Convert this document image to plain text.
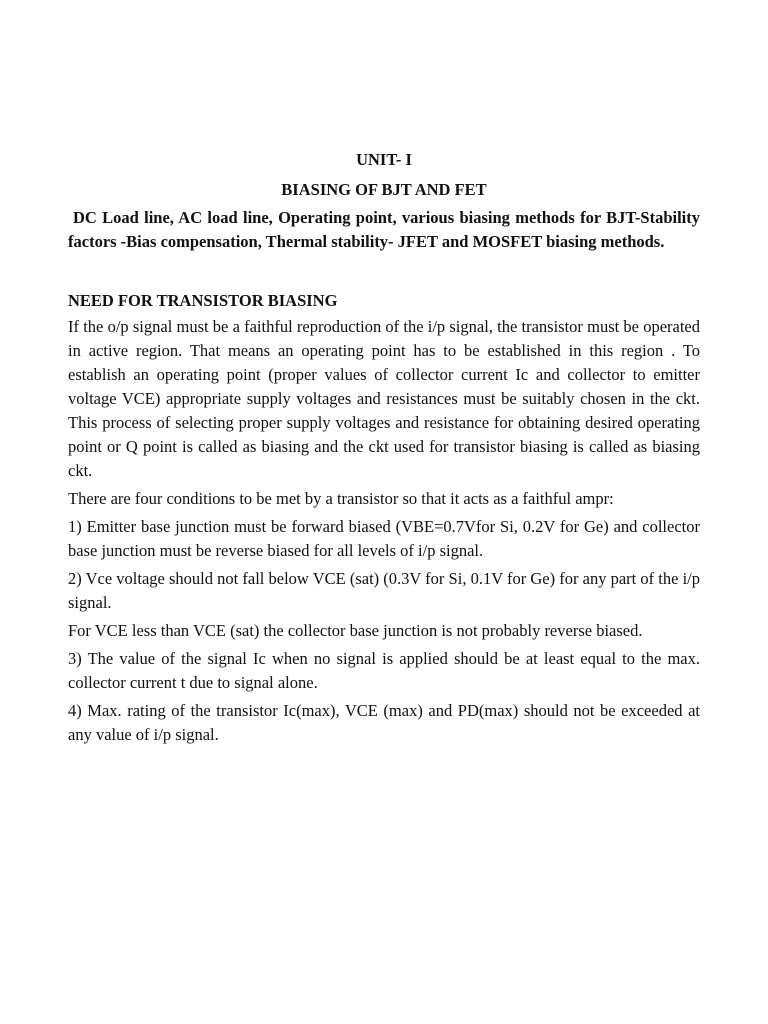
UNIT- I
BIASING OF BJT AND FET

DC Load line, AC load line, Operating point, various biasing methods for BJT-Stability factors -Bias compensation, Thermal stability- JFET and MOSFET biasing methods.

NEED FOR TRANSISTOR BIASING

If the o/p signal must be a faithful reproduction of the i/p signal, the transistor must be operated in active region. That means an operating point has to be established in this region . To establish an operating point (proper values of collector current Ic and collector to emitter voltage VCE) appropriate supply voltages and resistances must be suitably chosen in the ckt. This process of selecting proper supply voltages and resistance for obtaining desired operating point or Q point is called as biasing and the ckt used for transistor biasing is called as biasing ckt.

There are four conditions to be met by a transistor so that it acts as a faithful ampr:

1) Emitter base junction must be forward biased (VBE=0.7Vfor Si, 0.2V for Ge) and collector base junction must be reverse biased for all levels of i/p signal.

2) Vce voltage should not fall below VCE (sat) (0.3V for Si, 0.1V for Ge) for any part of the i/p signal.

For VCE less than VCE (sat) the collector base junction is not probably reverse biased.

3) The value of the signal Ic when no signal is applied should be at least equal to the max. collector current t due to signal alone.

4) Max. rating of the transistor Ic(max), VCE (max) and PD(max) should not be exceeded at any value of i/p signal.
